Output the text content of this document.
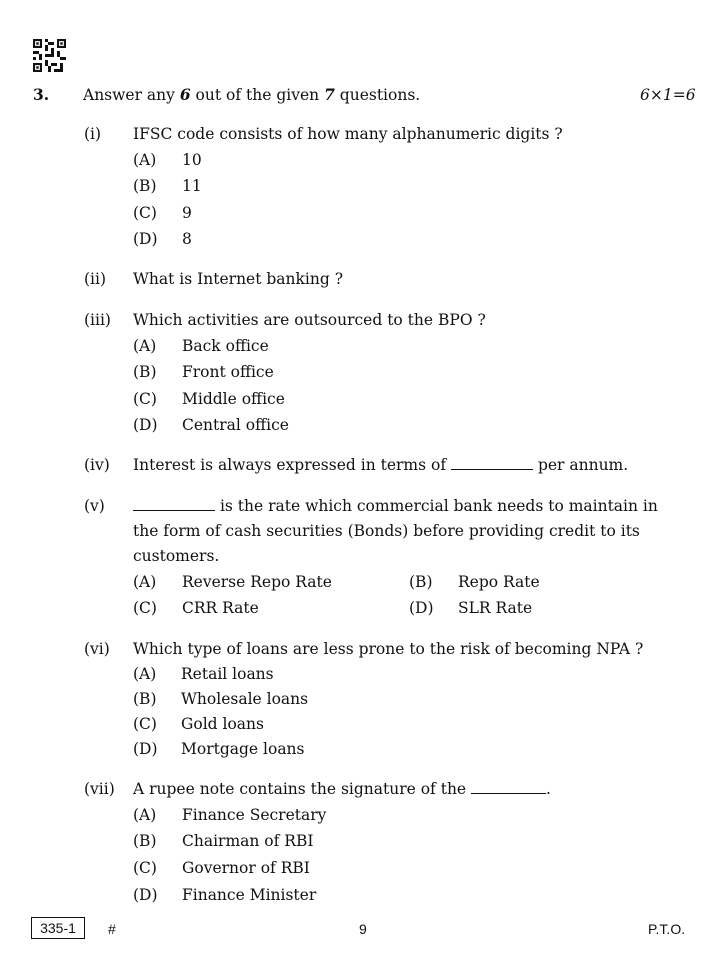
3. Answer any 6 out of the given 7 questions.	6×1=6
(i) IFSC code consists of how many alphanumeric digits ?
(A) 10
(B) 11
(C) 9
(D) 8
(ii) What is Internet banking ?
(iii) Which activities are outsourced to the BPO ?
(A) Back office
(B) Front office
(C) Middle office
(D) Central office
(iv) Interest is always expressed in terms of	per annum.
(v)	is the rate which commercial bank needs to maintain in
the form of cash securities (Bonds) before providing credit to its
customers.
(A) Reverse Repo Rate	(B) Repo Rate
(C) CRR Rate	(D) SLR Rate
(vi) Which type of loans are less prone to the risk of becoming NPA ?
(A) Retail loans
(B) Wholesale loans
(C) Gold loans
(D) Mortgage loans
(vii) A rupee note contains the signature of the	.
(A) Finance Secretary
(B) Chairman of RBI
(C) Governor of RBI
(D) Finance Minister
335-1	#	9	P.T.O.
